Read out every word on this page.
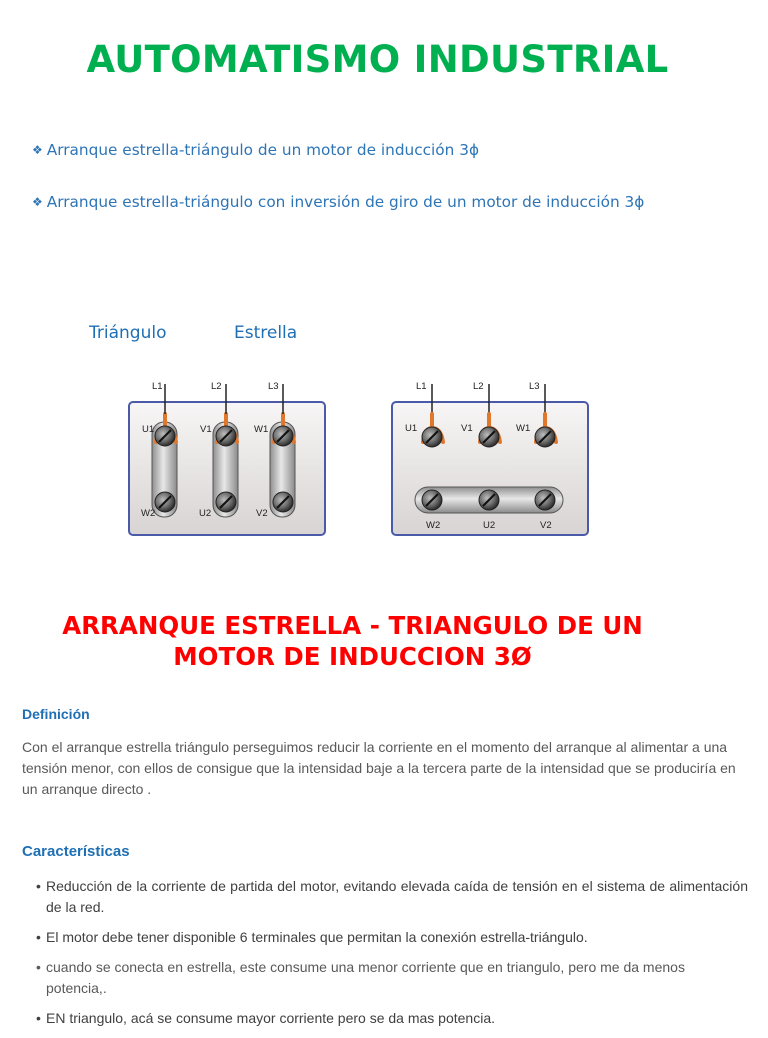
AUTOMATISMO INDUSTRIAL
❖ Arranque estrella-triángulo de un motor de inducción 3ϕ
❖ Arranque estrella-triángulo con inversión de giro de un motor de inducción 3ϕ
Triángulo	Estrella
L1	L2	L3
U1	V1	W1
W2	U2	V2
L1	L2	L3
U1	V1	W1
W2	U2	V2
ARRANQUE ESTRELLA - TRIANGULO DE UN
MOTOR DE INDUCCION 3Ø
Definición

Con el arranque estrella triángulo perseguimos reducir la corriente en el momento del arranque al alimentar a una tensión menor, con ellos de consigue que la intensidad baje a la tercera parte de la intensidad que se produciría en un arranque directo .

Características
• Reducción de la corriente de partida del motor, evitando elevada caída de tensión en el sistema de alimentación de la red.
• El motor debe tener disponible 6 terminales que permitan la conexión estrella-triángulo.
• cuando se conecta en estrella, este consume una menor corriente que en triangulo, pero me da menos potencia,.
• EN triangulo, acá se consume mayor corriente pero se da mas potencia.
